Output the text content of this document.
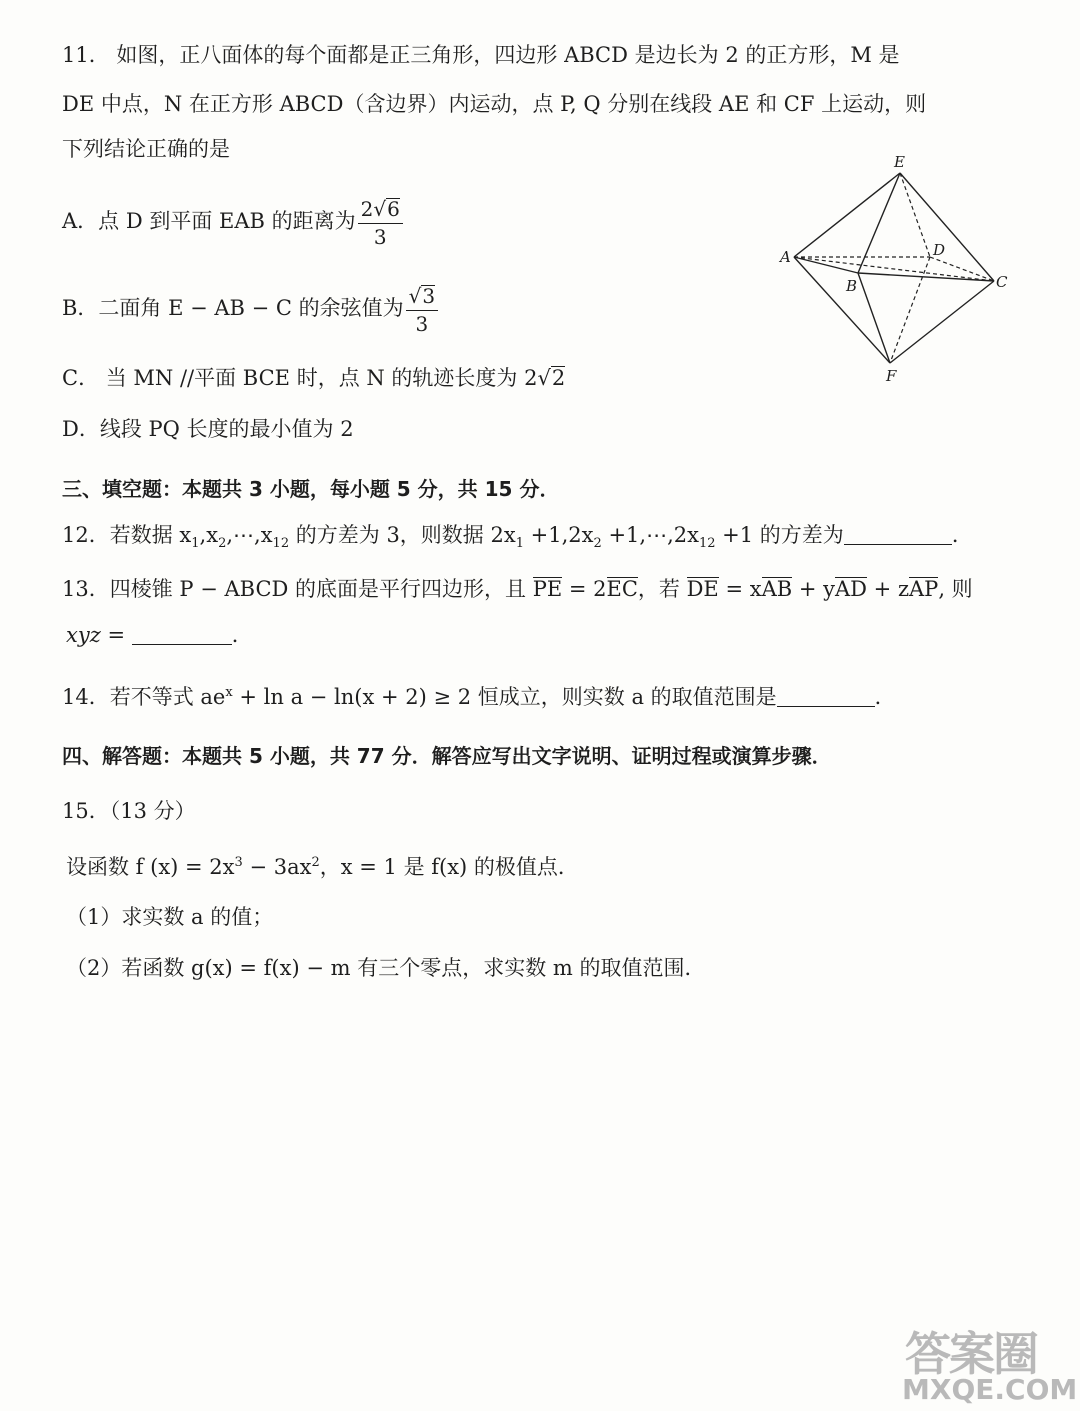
11． 如图，正八面体的每个面都是正三角形，四边形 ABCD 是边长为 2 的正方形，M 是
DE 中点，N 在正方形 ABCD（含边界）内运动，点 P, Q 分别在线段 AE 和 CF 上运动，则
下列结论正确的是
A．点 D 到平面 EAB 的距离为 $\frac{2√6}{3}$
B．二面角 E − AB − C 的余弦值为 $\frac{√3}{3}$
C． 当 MN //平面 BCE 时，点 N 的轨迹长度为 2√2
D．线段 PQ 长度的最小值为 2
E
A	D
B	C
F
三、填空题：本题共 3 小题，每小题 5 分，共 15 分．
12．若数据 $x_1,x_2,\cdots,x_{12}$ 的方差为 3，则数据 $2x_1 +1,2x_2$ $+1,\cdots,2x_{12} +1$ 的方差为	．
13．四棱锥 P − ABCD 的底面是平行四边形，且 PE = 2EC，若 DE = xAB + yAD + zAP, 则
xyz =	．
14．若不等式 $ae^x + \ln a - \ln(x + 2) \ge 2$ 恒成立，则实数 a 的取值范围是	．
四、解答题：本题共 5 小题，共 77 分．解答应写出文字说明、证明过程或演算步骤．
15．（13 分）
设函数 f $(x) = 2x^3 - 3ax^2$，x = 1 是 f(x) 的极值点．
（1）求实数 a 的值；
（2）若函数 g(x) = f(x) − m 有三个零点，求实数 m 的取值范围．
答案圈
MXQE.COM
